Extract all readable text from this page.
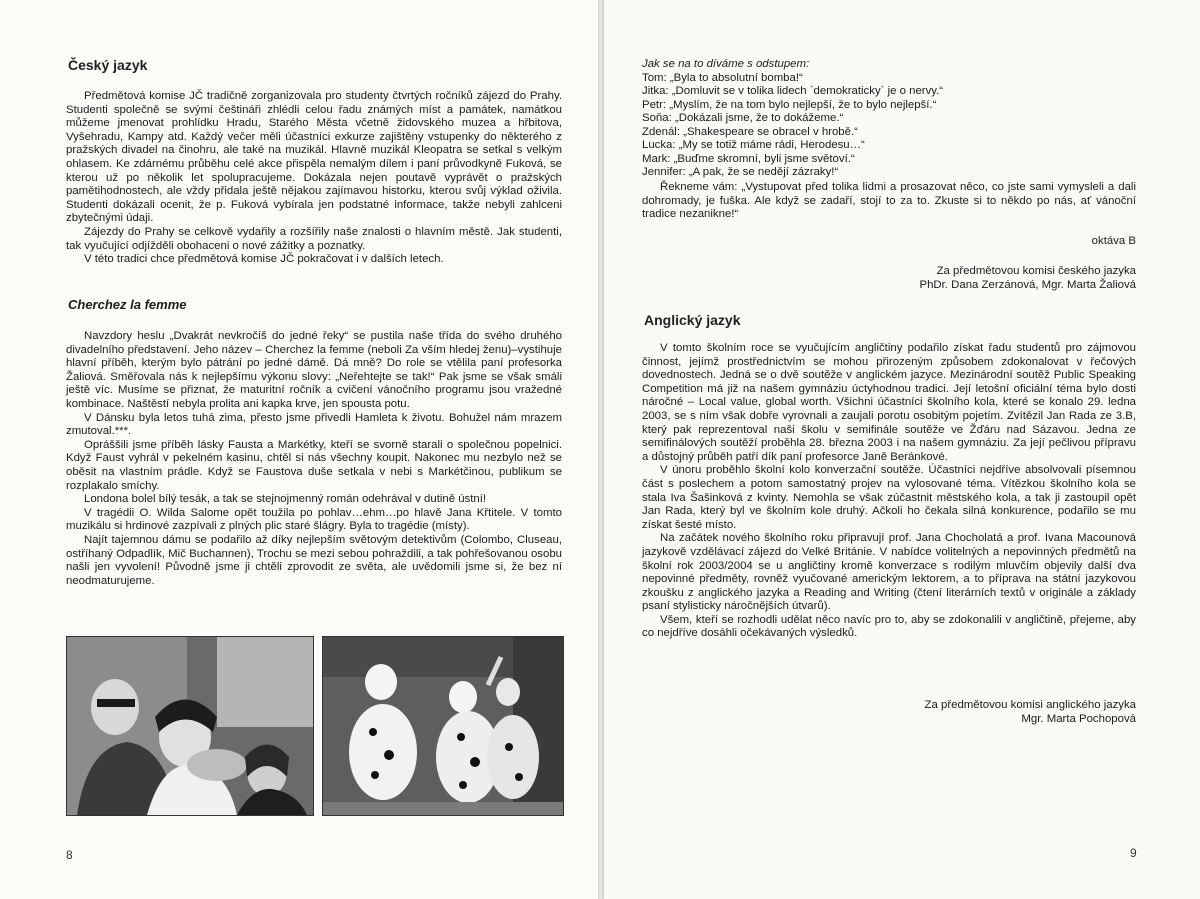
Český jazyk

Předmětová komise JČ tradičně zorganizovala pro studenty čtvrtých ročníků zájezd do Prahy. Studenti společně se svými češtináři zhlédli celou řadu známých míst a památek, namátkou můžeme jmenovat prohlídku Hradu, Starého Města včetně židovského muzea a hřbitova, Vyšehradu, Kampy atd. Každý večer měli účastníci exkurze zajištěny vstupenky do některého z pražských divadel na činohru, ale také na muzikál. Hlavně muzikál Kleopatra se setkal s velkým ohlasem. Ke zdárnému průběhu celé akce přispěla nemalým dílem i paní průvodkyně Fuková, se kterou už po několik let spolupracujeme. Dokázala nejen poutavě vyprávět o pražských pamětihodnostech, ale vždy přidala ještě nějakou zajímavou historku, kterou svůj výklad oživila. Studenti dokázali ocenit, že p. Fuková vybírala jen podstatné informace, takže nebyli zahlceni zbytečnými údaji.

Zájezdy do Prahy se celkově vydařily a rozšířily naše znalosti o hlavním městě. Jak studenti, tak vyučující odjížděli obohaceni o nové zážitky a poznatky.

V této tradici chce předmětová komise JČ pokračovat i v dalších letech.

Cherchez la femme

Navzdory heslu „Dvakrát nevkročíš do jedné řeky“ se pustila naše třída do svého druhého divadelního představení. Jeho název – Cherchez la femme (neboli Za vším hledej ženu)–vystihuje hlavní příběh, kterým bylo pátrání po jedné dámě. Dá mně? Do role se vtělila paní profesorka Žaliová. Směřovala nás k nejlepšímu výkonu slovy: „Neřehtejte se tak!“ Pak jsme se však smáli ještě víc. Musíme se přiznat, že maturitní ročník a cvičení vánočního programu jsou vražedné kombinace. Naštěstí nebyla prolita ani kapka krve, jen spousta potu.

V Dánsku byla letos tuhá zima, přesto jsme přivedli Hamleta k životu. Bohužel nám mrazem zmutoval.***.

Opráššili jsme příběh lásky Fausta a Markétky, kteří se svorně starali o společnou popelnici. Když Faust vyhrál v pekelném kasinu, chtěl si nás všechny koupit. Nakonec mu nezbylo než se oběsit na vlastním prádle. Když se Faustova duše setkala v nebi s Markétčinou, publikum se rozplakalo smíchy.

Londona bolel bílý tesák, a tak se stejnojmenný román odehrával v dutině ústní!

V tragédii O. Wilda Salome opět toužila po pohlav…ehm…po hlavě Jana Křtitele. V tomto muzikálu si hrdinové zazpívali z plných plic staré šlágry. Byla to tragédie (místy).

Najít tajemnou dámu se podařilo až díky nejlepším světovým detektivům (Colombo, Cluseau, ostříhaný Odpadlík, Mič Buchannen), Trochu se mezi sebou pohraždili, a tak pohřešovanou osobu našli jen vyvolení! Původně jsme ji chtěli zprovodit ze světa, ale uvědomili jsme si, že bez ní neodmaturujeme.

8
Jak se na to díváme s odstupem:
Tom: „Byla to absolutní bomba!“
Jitka: „Domluvit se v tolika lidech `demokraticky` je o nervy.“
Petr: „Myslím, že na tom bylo nejlepší, že to bylo nejlepší.“
Soňa: „Dokázali jsme, že to dokážeme.“
Zdenál: „Shakespeare se obracel v hrobě.“
Lucka: „My se totiž máme rádi, Herodesu…“
Mark: „Buďme skromní, byli jsme světoví.“
Jennifer: „A pak, že se nedějí zázraky!“

Řekneme vám: „Vystupovat před tolika lidmi a prosazovat něco, co jste sami vymysleli a dali dohromady, je fuška. Ale když se zadaří, stojí to za to. Zkuste si to někdo po nás, ať vánoční tradice nezanikne!“

oktáva B
Za předmětovou komisi českého jazyka
PhDr. Dana Zerzánová, Mgr. Marta Žaliová
Anglický jazyk

V tomto školním roce se vyučujícím angličtiny podařilo získat řadu studentů pro zájmovou činnost, jejímž prostřednictvím se mohou přirozeným způsobem zdokonalovat v řečových dovednostech. Jedná se o dvě soutěže v anglickém jazyce. Mezinárodní soutěž Public Speaking Competition má již na našem gymnáziu úctyhodnou tradici. Její letošní oficiální téma bylo dosti náročné – Local value, global worth. Všichni účastníci školního kola, které se konalo 29. ledna 2003, se s ním však dobře vyrovnali a zaujali porotu osobitým pojetím. Zvítězil Jan Rada ze 3.B, který pak reprezentoval naši školu v semifinále soutěže ve Žďáru nad Sázavou. Jedna ze semifinálových soutěží proběhla 28. března 2003 i na našem gymnáziu. Za její pečlivou přípravu a důstojný průběh patří dík paní profesorce Janě Beránkové.

V únoru proběhlo školní kolo konverzační soutěže. Účastníci nejdříve absolvovali písemnou část s poslechem a potom samostatný projev na vylosované téma. Vítězkou školního kola se stala Iva Šašinková z kvinty. Nemohla se však zúčastnit městského kola, a tak ji zastoupil opět Jan Rada, který byl ve školním kole druhý. Ačkoli ho čekala silná konkurence, podařilo se mu získat šesté místo.

Na začátek nového školního roku připravují prof. Jana Chocholatá a prof. Ivana Macounová jazykově vzdělávací zájezd do Velké Británie. V nabídce volitelných a nepovinných předmětů na školní rok 2003/2004 se u angličtiny kromě konverzace s rodilým mluvčím objevily další dva nepovinné předměty, rovněž vyučované americkým lektorem, a to příprava na státní jazykovou zkoušku z anglického jazyka a Reading and Writing (čtení literárních textů v originále a základy psaní stylisticky náročnějších útvarů).

Všem, kteří se rozhodli udělat něco navíc pro to, aby se zdokonalili v angličtině, přejeme, aby co nejdříve dosáhli očekávaných výsledků.

Za předmětovou komisi anglického jazyka
Mgr. Marta Pochopová
9
